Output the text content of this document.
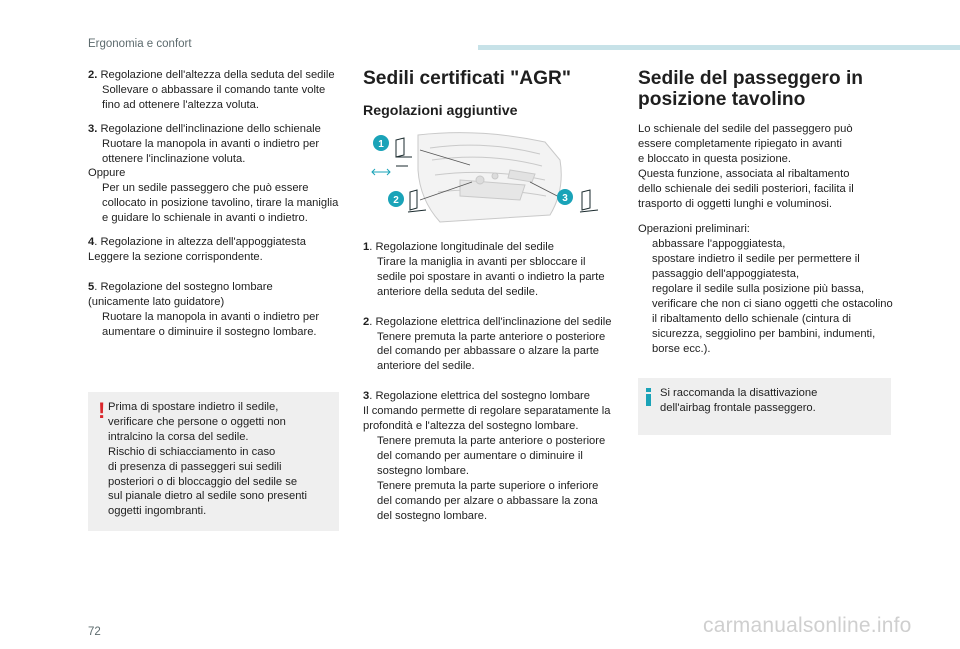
Ergonomia e confort

2. Regolazione dell'altezza della seduta del sedile
Sollevare o abbassare il comando tante volte fino ad ottenere l'altezza voluta.

3. Regolazione dell'inclinazione dello schienale
Ruotare la manopola in avanti o indietro per ottenere l'inclinazione voluta.
Oppure
Per un sedile passeggero che può essere collocato in posizione tavolino, tirare la maniglia e guidare lo schienale in avanti o indietro.

4. Regolazione in altezza dell'appoggiatesta
Leggere la sezione corrispondente.

5. Regolazione del sostegno lombare
(unicamente lato guidatore)
Ruotare la manopola in avanti o indietro per aumentare o diminuire il sostegno lombare.

! Prima di spostare indietro il sedile,
verificare che persone o oggetti non
intralcino la corsa del sedile.
Rischio di schiacciamento in caso
di presenza di passeggeri sui sedili
posteriori o di bloccaggio del sedile se
sul pianale dietro al sedile sono presenti
oggetti ingombranti.
Sedili certificati "AGR"
Regolazioni aggiuntive
1
2	3

1. Regolazione longitudinale del sedile
Tirare la maniglia in avanti per sbloccare il sedile poi spostare in avanti o indietro la parte anteriore della seduta del sedile.

2. Regolazione elettrica dell'inclinazione del sedile
Tenere premuta la parte anteriore o posteriore del comando per abbassare o alzare la parte anteriore del sedile.

3. Regolazione elettrica del sostegno lombare
Il comando permette di regolare separatamente la profondità e l'altezza del sostegno lombare.
Tenere premuta la parte anteriore o posteriore del comando per aumentare o diminuire il sostegno lombare.
Tenere premuta la parte superiore o inferiore del comando per alzare o abbassare la zona del sostegno lombare.

Sedile del passeggero in
posizione tavolino

Lo schienale del sedile del passeggero può
essere completamente ripiegato in avanti
e bloccato in questa posizione.
Questa funzione, associata al ribaltamento
dello schienale dei sedili posteriori, facilita il
trasporto di oggetti lunghi e voluminosi.

Operazioni preliminari:
abbassare l'appoggiatesta,
spostare indietro il sedile per permettere il passaggio dell'appoggiatesta,
regolare il sedile sulla posizione più bassa,
verificare che non ci siano oggetti che ostacolino il ribaltamento dello schienale (cintura di sicurezza, seggiolino per bambini, indumenti, borse ecc.).

Si raccomanda la disattivazione
dell'airbag frontale passeggero.
72	carmanualsonline.info
